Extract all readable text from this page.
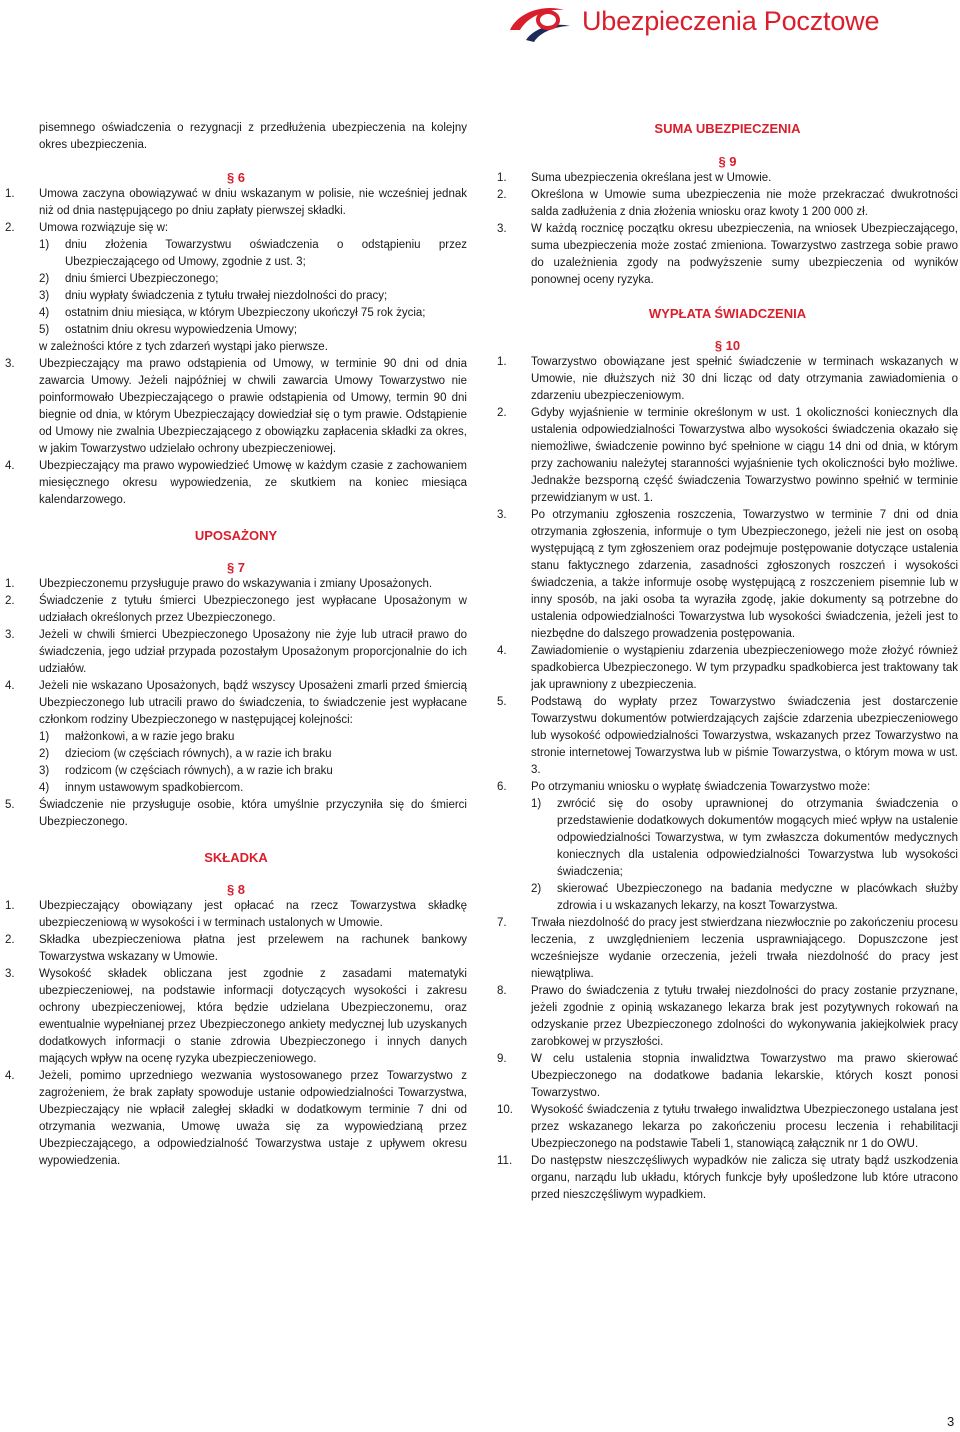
Ubezpieczenia Pocztowe
pisemnego oświadczenia o rezygnacji z przedłużenia ubezpieczenia na kolejny okres ubezpieczenia.
§ 6
1.	Umowa zaczyna obowiązywać w dniu wskazanym w polisie, nie wcześniej jednak niż od dnia następującego po dniu zapłaty pierwszej składki.
2.	Umowa rozwiązuje się w:
1)	dniu złożenia Towarzystwu oświadczenia o odstąpieniu przez Ubezpieczającego od Umowy, zgodnie z ust. 3;
2)	dniu śmierci Ubezpieczonego;
3)	dniu wypłaty świadczenia z tytułu trwałej niezdolności do pracy;
4)	ostatnim dniu miesiąca, w którym Ubezpieczony ukończył 75 rok życia;
5)	ostatnim dniu okresu wypowiedzenia Umowy;
w zależności które z tych zdarzeń wystąpi jako pierwsze.
3.	Ubezpieczający ma prawo odstąpienia od Umowy, w terminie 90 dni od dnia zawarcia Umowy. Jeżeli najpóźniej w chwili zawarcia Umowy Towarzystwo nie poinformowało Ubezpieczającego o prawie odstąpienia od Umowy, termin 90 dni biegnie od dnia, w którym Ubezpieczający dowiedział się o tym prawie. Odstąpienie od Umowy nie zwalnia Ubezpieczającego z obowiązku zapłacenia składki za okres, w jakim Towarzystwo udzielało ochrony ubezpieczeniowej.
4.	Ubezpieczający ma prawo wypowiedzieć Umowę w każdym czasie z zachowaniem miesięcznego okresu wypowiedzenia, ze skutkiem na koniec miesiąca kalendarzowego.
UPOSAŻONY
§ 7
1.	Ubezpieczonemu przysługuje prawo do wskazywania i zmiany Uposażonych.
2.	Świadczenie z tytułu śmierci Ubezpieczonego jest wypłacane Uposażonym w udziałach określonych przez Ubezpieczonego.
3.	Jeżeli w chwili śmierci Ubezpieczonego Uposażony nie żyje lub utracił prawo do świadczenia, jego udział przypada pozostałym Uposażonym proporcjonalnie do ich udziałów.
4.	Jeżeli nie wskazano Uposażonych, bądź wszyscy Uposażeni zmarli przed śmiercią Ubezpieczonego lub utracili prawo do świadczenia, to świadczenie jest wypłacane członkom rodziny Ubezpieczonego w następującej kolejności:
1)	małżonkowi, a w razie jego braku
2)	dzieciom (w częściach równych), a w razie ich braku
3)	rodzicom (w częściach równych), a w razie ich braku
4)	innym ustawowym spadkobiercom.
5.	Świadczenie nie przysługuje osobie, która umyślnie przyczyniła się do śmierci Ubezpieczonego.
SKŁADKA
§ 8
1.	Ubezpieczający obowiązany jest opłacać na rzecz Towarzystwa składkę ubezpieczeniową w wysokości i w terminach ustalonych w Umowie.
2.	Składka ubezpieczeniowa płatna jest przelewem na rachunek bankowy Towarzystwa wskazany w Umowie.
3.	Wysokość składek obliczana jest zgodnie z zasadami matematyki ubezpieczeniowej, na podstawie informacji dotyczących wysokości i zakresu ochrony ubezpieczeniowej, która będzie udzielana Ubezpieczonemu, oraz ewentualnie wypełnianej przez Ubezpieczonego ankiety medycznej lub uzyskanych dodatkowych informacji o stanie zdrowia Ubezpieczonego i innych danych mających wpływ na ocenę ryzyka ubezpieczeniowego.
4.	Jeżeli, pomimo uprzedniego wezwania wystosowanego przez Towarzystwo z zagrożeniem, że brak zapłaty spowoduje ustanie odpowiedzialności Towarzystwa, Ubezpieczający nie wpłacił zaległej składki w dodatkowym terminie 7 dni od otrzymania wezwania, Umowę uważa się za wypowiedzianą przez Ubezpieczającego, a odpowiedzialność Towarzystwa ustaje z upływem okresu wypowiedzenia.
SUMA UBEZPIECZENIA
§ 9
1.	Suma ubezpieczenia określana jest w Umowie.
2.	Określona w Umowie suma ubezpieczenia nie może przekraczać dwukrotności salda zadłużenia z dnia złożenia wniosku oraz kwoty 1 200 000 zł.
3.	W każdą rocznicę początku okresu ubezpieczenia, na wniosek Ubezpieczającego, suma ubezpieczenia może zostać zmieniona. Towarzystwo zastrzega sobie prawo do uzależnienia zgody na podwyższenie sumy ubezpieczenia od wyników ponownej oceny ryzyka.
WYPŁATA ŚWIADCZENIA
§ 10
1.	Towarzystwo obowiązane jest spełnić świadczenie w terminach wskazanych w Umowie, nie dłuższych niż 30 dni licząc od daty otrzymania zawiadomienia o zdarzeniu ubezpieczeniowym.
2.	Gdyby wyjaśnienie w terminie określonym w ust. 1 okoliczności koniecznych dla ustalenia odpowiedzialności Towarzystwa albo wysokości świadczenia okazało się niemożliwe, świadczenie powinno być spełnione w ciągu 14 dni od dnia, w którym przy zachowaniu należytej staranności wyjaśnienie tych okoliczności było możliwe. Jednakże bezsporną część świadczenia Towarzystwo powinno spełnić w terminie przewidzianym w ust. 1.
3.	Po otrzymaniu zgłoszenia roszczenia, Towarzystwo w terminie 7 dni od dnia otrzymania zgłoszenia, informuje o tym Ubezpieczonego, jeżeli nie jest on osobą występującą z tym zgłoszeniem oraz podejmuje postępowanie dotyczące ustalenia stanu faktycznego zdarzenia, zasadności zgłoszonych roszczeń i wysokości świadczenia, a także informuje osobę występującą z roszczeniem pisemnie lub w inny sposób, na jaki osoba ta wyraziła zgodę, jakie dokumenty są potrzebne do ustalenia odpowiedzialności Towarzystwa lub wysokości świadczenia, jeżeli jest to niezbędne do dalszego prowadzenia postępowania.
4.	Zawiadomienie o wystąpieniu zdarzenia ubezpieczeniowego może złożyć również spadkobierca Ubezpieczonego. W tym przypadku spadkobierca jest traktowany tak jak uprawniony z ubezpieczenia.
5.	Podstawą do wypłaty przez Towarzystwo świadczenia jest dostarczenie Towarzystwu dokumentów potwierdzających zajście zdarzenia ubezpieczeniowego lub wysokość odpowiedzialności Towarzystwa, wskazanych przez Towarzystwo na stronie internetowej Towarzystwa lub w piśmie Towarzystwa, o którym mowa w ust. 3.
6.	Po otrzymaniu wniosku o wypłatę świadczenia Towarzystwo może:
1)	zwrócić się do osoby uprawnionej do otrzymania świadczenia o przedstawienie dodatkowych dokumentów mogących mieć wpływ na ustalenie odpowiedzialności Towarzystwa, w tym zwłaszcza dokumentów medycznych koniecznych dla ustalenia odpowiedzialności Towarzystwa lub wysokości świadczenia;
2)	skierować Ubezpieczonego na badania medyczne w placówkach służby zdrowia i u wskazanych lekarzy, na koszt Towarzystwa.
7.	Trwała niezdolność do pracy jest stwierdzana niezwłocznie po zakończeniu procesu leczenia, z uwzględnieniem leczenia usprawniającego. Dopuszczone jest wcześniejsze wydanie orzeczenia, jeżeli trwała niezdolność do pracy jest niewątpliwa.
8.	Prawo do świadczenia z tytułu trwałej niezdolności do pracy zostanie przyznane, jeżeli zgodnie z opinią wskazanego lekarza brak jest pozytywnych rokowań na odzyskanie przez Ubezpieczonego zdolności do wykonywania jakiejkolwiek pracy zarobkowej w przyszłości.
9.	W celu ustalenia stopnia inwalidztwa Towarzystwo ma prawo skierować Ubezpieczonego na dodatkowe badania lekarskie, których koszt ponosi Towarzystwo.
10.	Wysokość świadczenia z tytułu trwałego inwalidztwa Ubezpieczonego ustalana jest przez wskazanego lekarza po zakończeniu procesu leczenia i rehabilitacji Ubezpieczonego na podstawie Tabeli 1, stanowiącą załącznik nr 1 do OWU.
11.	Do następstw nieszczęśliwych wypadków nie zalicza się utraty bądź uszkodzenia organu, narządu lub układu, których funkcje były upośledzone lub które utracono przed nieszczęśliwym wypadkiem.
3
